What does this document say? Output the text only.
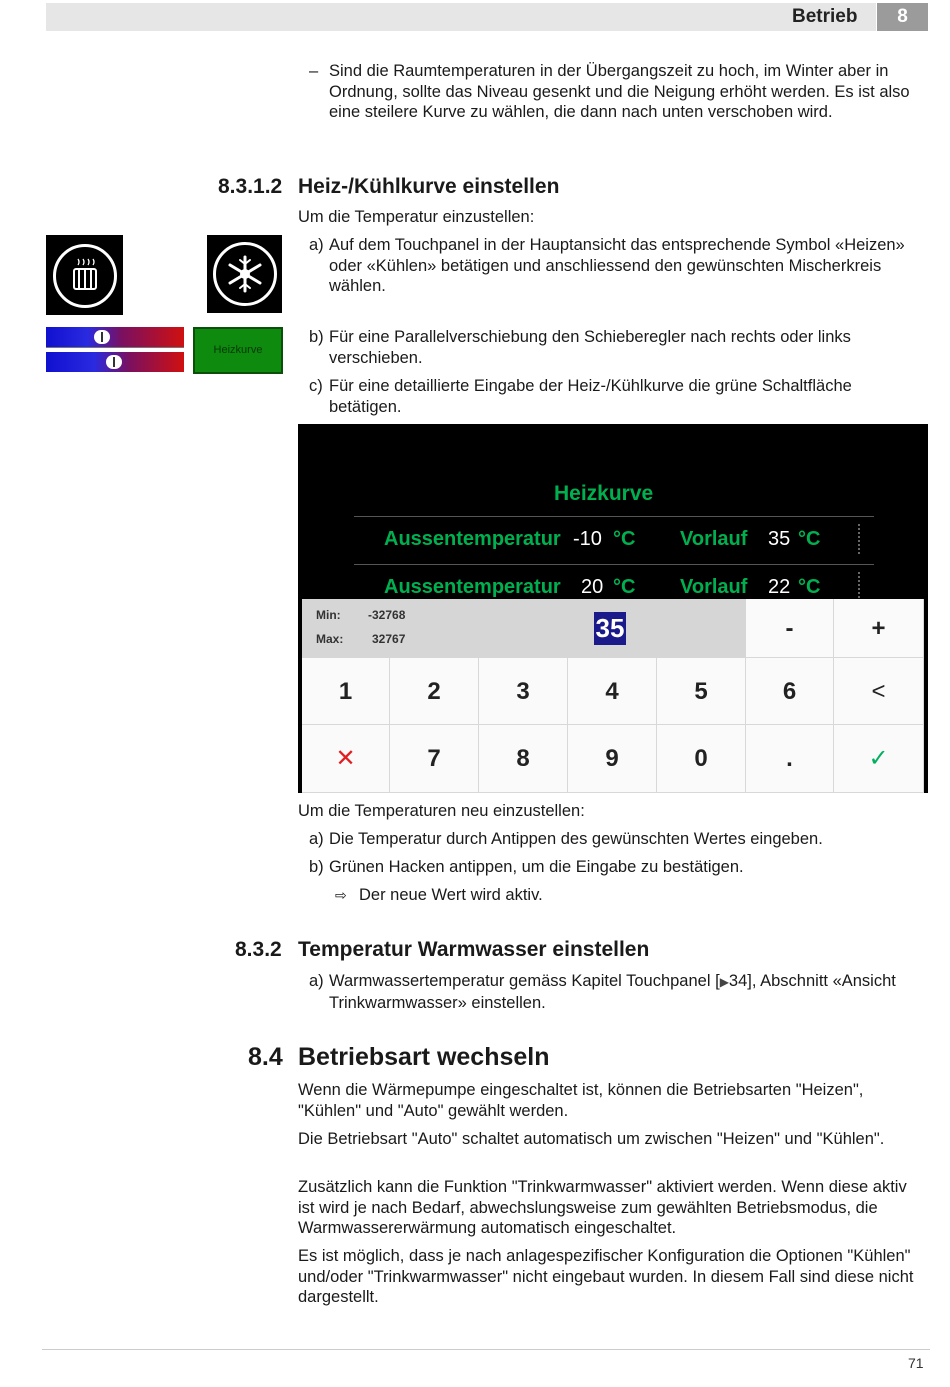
Betrieb	8
– Sind die Raumtemperaturen in der Übergangszeit zu hoch, im Winter aber in Ordnung, sollte das Niveau gesenkt und die Neigung erhöht werden. Es ist also eine steilere Kurve zu wählen, die dann nach unten verschoben wird.
8.3.1.2 Heiz-/Kühlkurve einstellen
Um die Temperatur einzustellen:
a) Auf dem Touchpanel in der Hauptansicht das entsprechende Symbol «Heizen» oder «Kühlen» betätigen und anschliessend den gewünschten Mischerkreis wählen.
Heizkurve
b) Für eine Parallelverschiebung den Schieberegler nach rechts oder links verschieben.
c) Für eine detaillierte Eingabe der Heiz-/Kühlkurve die grüne Schaltfläche betätigen.
Heizkurve
Aussentemperatur -10 °C Vorlauf 35 °C
Aussentemperatur 20 °C Vorlauf 22 °C
Min: -32768
Max: 32767	35	-	+
1	2	3	4	5	6	<
✕	7	8	9	0	.	✓
Um die Temperaturen neu einzustellen:
a) Die Temperatur durch Antippen des gewünschten Wertes eingeben.
b) Grünen Hacken antippen, um die Eingabe zu bestätigen.
⇨ Der neue Wert wird aktiv.
8.3.2 Temperatur Warmwasser einstellen
a) Warmwassertemperatur gemäss Kapitel Touchpanel [▶34], Abschnitt «Ansicht Trinkwarmwasser» einstellen.
8.4 Betriebsart wechseln
Wenn die Wärmepumpe eingeschaltet ist, können die Betriebsarten "Heizen", "Kühlen" und "Auto" gewählt werden.
Die Betriebsart "Auto" schaltet automatisch um zwischen "Heizen" und "Kühlen".
Zusätzlich kann die Funktion "Trinkwarmwasser" aktiviert werden. Wenn diese aktiv ist wird je nach Bedarf, abwechslungsweise zum gewählten Betriebsmodus, die Warmwassererwärmung automatisch eingeschaltet.
Es ist möglich, dass je nach anlagespezifischer Konfiguration die Optionen "Kühlen" und/oder "Trinkwarmwasser" nicht eingebaut wurden. In diesem Fall sind diese nicht dargestellt.
71
